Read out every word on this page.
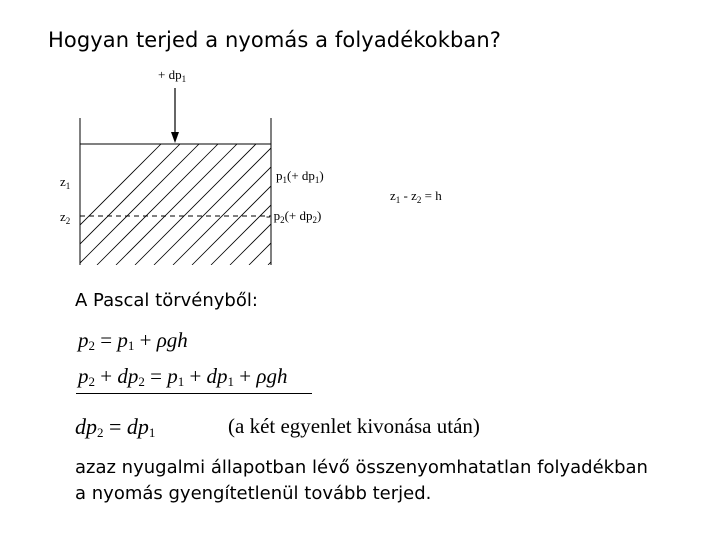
Hogyan terjed a nyomás a folyadékokban?
+ $dp_1$
$z_1$
$z_2$
$p_1(+ dp_1)$
- $p_2(+ dp_2)$
$z_1 - z_2 = h$
A Pascal törvényből:
$p_2 = p_1 + \rho gh$
$p_2 + dp_2 = p_1 + dp_1 + \rho gh$
$dp_2 = dp_1$	(a két egyenlet kivonása után)
azaz nyugalmi állapotban lévő összenyomhatatlan folyadékban
a nyomás gyengítetlenül tovább terjed.
